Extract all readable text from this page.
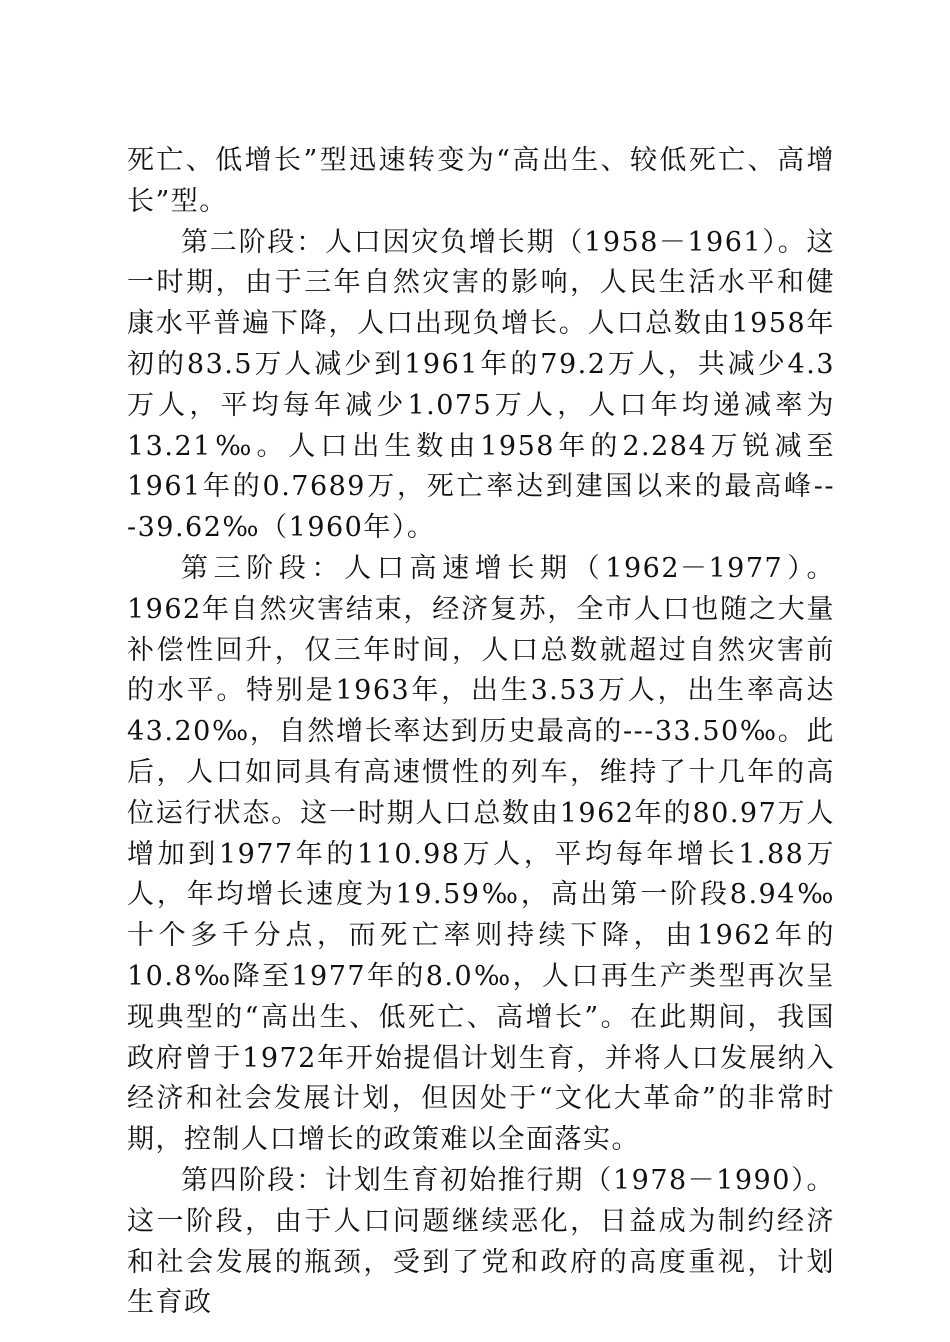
死亡、低增长”型迅速转变为“高出生、较低死亡、高增长”型。

第二阶段：人口因灾负增长期（1958－1961）。这一时期，由于三年自然灾害的影响，人民生活水平和健康水平普遍下降，人口出现负增长。人口总数由1958年初的83.5万人减少到1961年的79.2万人，共减少4.3万人，平均每年减少1.075万人，人口年均递减率为13.21‰。人口出生数由1958年的2.284万锐减至1961年的0.7689万，死亡率达到建国以来的最高峰---39.62‰（1960年）。

第三阶段：人口高速增长期（1962－1977）。1962年自然灾害结束，经济复苏，全市人口也随之大量补偿性回升，仅三年时间，人口总数就超过自然灾害前的水平。特别是1963年，出生3.53万人，出生率高达43.20‰，自然增长率达到历史最高的---33.50‰。此后，人口如同具有高速惯性的列车，维持了十几年的高位运行状态。这一时期人口总数由1962年的80.97万人增加到1977年的110.98万人，平均每年增长1.88万人，年均增长速度为19.59‰，高出第一阶段8.94‰十个多千分点，而死亡率则持续下降，由1962年的10.8‰降至1977年的8.0‰，人口再生产类型再次呈现典型的“高出生、低死亡、高增长”。在此期间，我国政府曾于1972年开始提倡计划生育，并将人口发展纳入经济和社会发展计划，但因处于“文化大革命”的非常时期，控制人口增长的政策难以全面落实。

第四阶段：计划生育初始推行期（1978－1990）。这一阶段，由于人口问题继续恶化，日益成为制约经济和社会发展的瓶颈，受到了党和政府的高度重视，计划生育政
